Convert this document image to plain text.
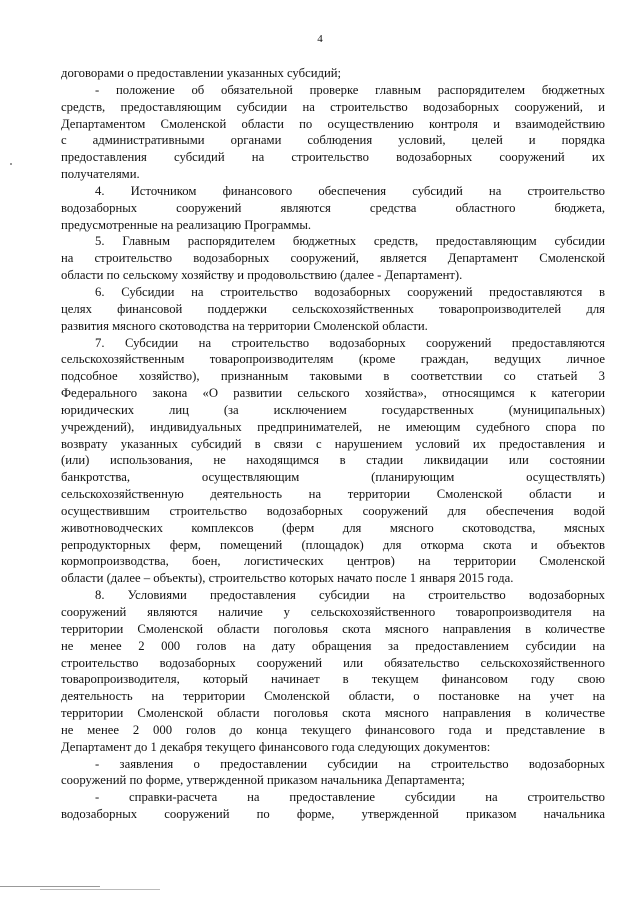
4
договорами о предоставлении указанных субсидий;
- положение об обязательной проверке главным распорядителем бюджетных
средств, предоставляющим субсидии на строительство водозаборных сооружений, и
Департаментом Смоленской области по осуществлению контроля и взаимодействию
с административными органами соблюдения условий, целей и порядка
предоставления субсидий на строительство водозаборных сооружений их
получателями.
4. Источником финансового обеспечения субсидий на строительство
водозаборных сооружений являются средства областного бюджета,
предусмотренные на реализацию Программы.
5. Главным распорядителем бюджетных средств, предоставляющим субсидии
на строительство водозаборных сооружений, является Департамент Смоленской
области по сельскому хозяйству и продовольствию (далее - Департамент).
6. Субсидии на строительство водозаборных сооружений предоставляются в
целях финансовой поддержки сельскохозяйственных товаропроизводителей для
развития мясного скотоводства на территории Смоленской области.
7. Субсидии на строительство водозаборных сооружений предоставляются
сельскохозяйственным товаропроизводителям (кроме граждан, ведущих личное
подсобное хозяйство), признанным таковыми в соответствии со статьей 3
Федерального закона «О развитии сельского хозяйства», относящимся к категории
юридических лиц (за исключением государственных (муниципальных)
учреждений), индивидуальных предпринимателей, не имеющим судебного спора по
возврату указанных субсидий в связи с нарушением условий их предоставления и
(или) использования, не находящимся в стадии ликвидации или состоянии
банкротства, осуществляющим (планирующим осуществлять)
сельскохозяйственную деятельность на территории Смоленской области и
осуществившим строительство водозаборных сооружений для обеспечения водой
животноводческих комплексов (ферм для мясного скотоводства, мясных
репродукторных ферм, помещений (площадок) для откорма скота и объектов
кормопроизводства, боен, логистических центров) на территории Смоленской
области (далее – объекты), строительство которых начато после 1 января 2015 года.
8. Условиями предоставления субсидии на строительство водозаборных
сооружений являются наличие у сельскохозяйственного товаропроизводителя на
территории Смоленской области поголовья скота мясного направления в количестве
не менее 2 000 голов на дату обращения за предоставлением субсидии на
строительство водозаборных сооружений или обязательство сельскохозяйственного
товаропроизводителя, который начинает в текущем финансовом году свою
деятельность на территории Смоленской области, о постановке на учет на
территории Смоленской области поголовья скота мясного направления в количестве
не менее 2 000 голов до конца текущего финансового года и представление в
Департамент до 1 декабря текущего финансового года следующих документов:
- заявления о предоставлении субсидии на строительство водозаборных
сооружений по форме, утвержденной приказом начальника Департамента;
- справки-расчета на предоставление субсидии на строительство
водозаборных сооружений по форме, утвержденной приказом начальника
